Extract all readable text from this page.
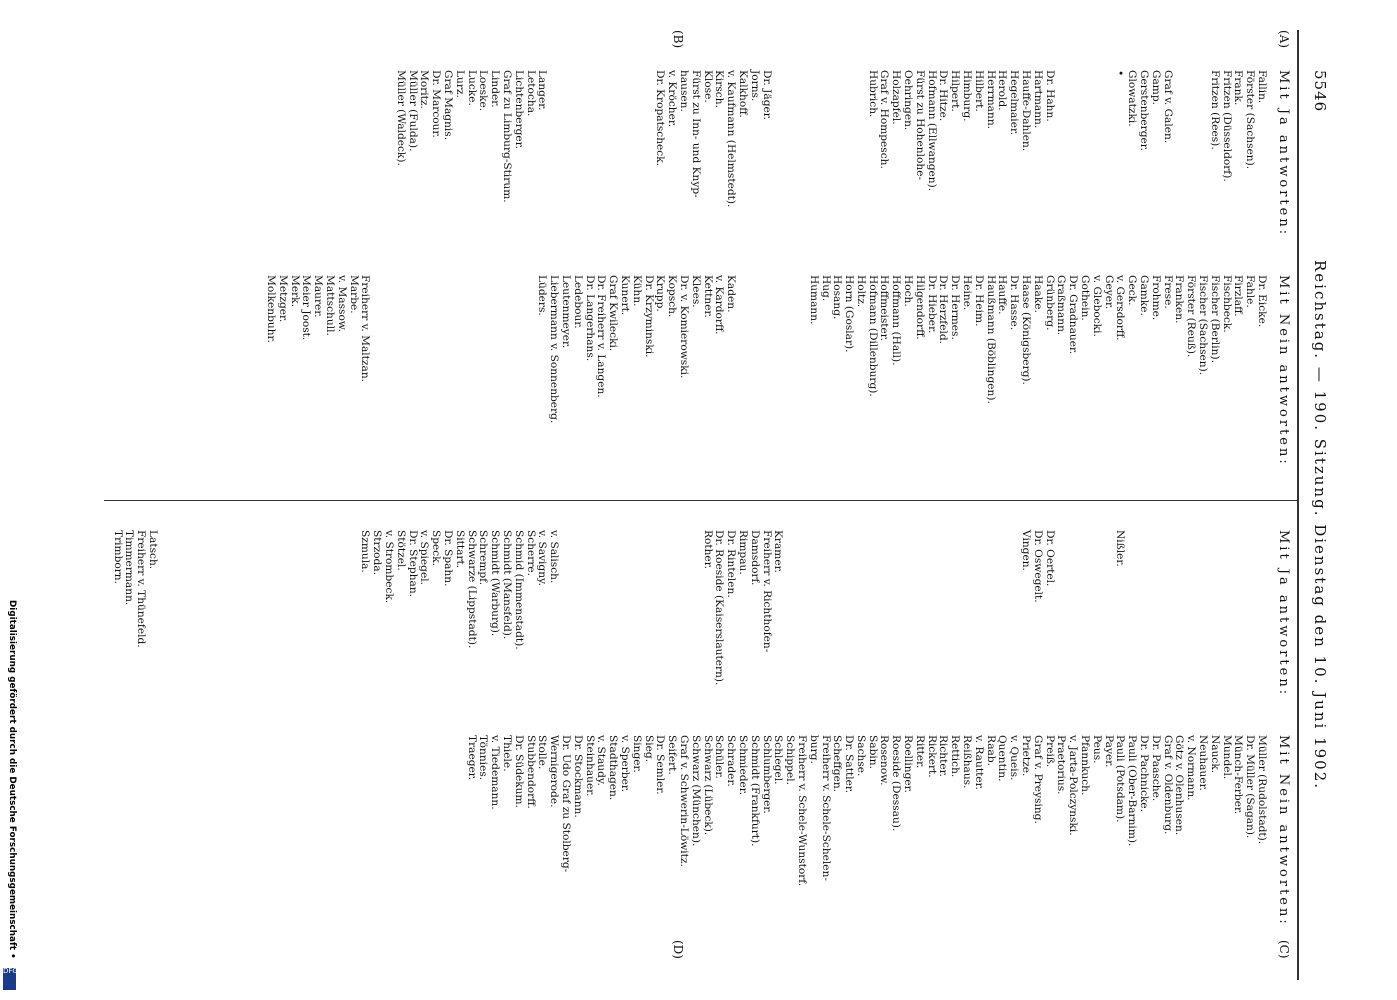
5546
Reichstag. — 190. Sitzung. Dienstag den 10. Juni 1902.
(A)
(B)
Mit Ja antworten:
Mit Nein antworten:
Fallin.
Förster (Sachsen).
Frank.
Fritzen (Düsseldorf).
Fritzen (Rees).
Graf v. Galen.
Gamp.
Gerstenberger.
Glowatzki.
•
Dr. Hahn.
Hartmann.
Hauffe-Dahlen.
Hegelmaier.
Herold.
Herrmann.
Hilbert.
Himburg.
Hilpert.
Dr. Hitze.
Hofmann (Ellwangen).
Fürst zu Hohenlohe-
Oehringen.
Holzapfel.
Graf v. Hompesch.
Hubrich.
Dr. Jäger.
Jorns.
Kalkhoff.
v. Kaufmann (Helmstedt).
Kirsch.
Klose.
Fürst zu Inn- und Knyp-
hausen.
v. Kröcher.
Dr. Kropatscheck.
Langer.
Letocha.
Lichtenberger.
Graf zu Limburg-Stirum.
Linder.
Loeske.
Lucke.
Lurz.
Graf Magnis.
Dr. Marcour.
Moritz.
Müller (Fulda).
Müller (Waldeck).
Dr. Eicke.
Fahle.
Firzlaff.
Fischbeck.
Fischer (Berlin).
Fischer (Sachsen).
Förster (Reuß).
Franken.
Frese.
Frohme.
Gamke.
Geck.
v. Gersdorff.
Geyer.
v. Glebocki.
Gothein.
Dr. Gradnauer.
Graßmann.
Grünberg.
Haake.
Haase (Königsberg).
Dr. Hasse.
Hauffe.
Haußmann (Böblingen).
Dr. Heim.
Heine.
Dr. Hermes.
Dr. Herzfeld.
Dr. Hieber.
Hilgendorff.
Hoch.
Hoffmann (Hall).
Hoffmeister.
Hofmann (Dillenburg).
Holtz.
Horn (Goslar).
Hosang.
Hug.
Humann.
Kaden.
v. Kardorff.
Kettner.
Klees.
Dr. v. Komierowski.
Kopsch.
Krupp.
Dr. Krzyminski.
Kühn.
Kunert.
Graf Kwilecki.
Dr. Freiherr v. Langen.
Dr. Langerhans.
Ledebour.
Leutenmeyer.
Liebermann v. Sonnenberg.
Lüders.
Freiherr v. Maltzan.
Marbe.
v. Massow.
Mattschull.
Maurer.
Meier Joost.
Merk.
Metzger.
Molkenbuhr.
(C)
(D)
Mit Ja antworten:
Mit Nein antworten:
Nißler.
Dr. Oertel.
Dr. Oswegelt.
Vingen.
Kramer.
Freiherr v. Richthofen-
Damsdorf.
Rimpau.
Dr. Rintelen.
Dr. Roeside (Kaiserslautern).
Rother.
v. Salisch.
v. Savigny.
Scherre.
Schmid (Immenstadt).
Schmidt (Mansfeld).
Schmidt (Warburg).
Schrempf.
Schwarze (Lippstadt).
Sittart.
Dr. Spahn.
Speck.
v. Spiegel.
Dr. Stephan.
Stötzel.
v. Strombeck.
Strzoda.
Szmula.
Latsch.
Freiherr v. Thünefeld.
Timmermann.
Trimborn.
Müller (Rudolstadt).
Dr. Müller (Sagan).
Münch-Ferber.
Mundel.
Nauck.
Neuhauer.
v. Normann.
Götz v. Olenhusen.
Graf v. Oldenburg.
Dr. Paasche.
Dr. Pachnicke.
Pauli (Ober-Barnim).
Pauli (Potsdam).
Payer.
Peus.
Pfannkuch.
v. Jarta-Polczynski.
Praetorius.
Preiß.
Graf v. Preysing.
Prietze.
v. Queis.
Quentin.
Raab.
v. Rautter.
Reißhaus.
Rettich.
Richter.
Rickert.
Ritter.
Roellinger.
Roeside (Dessau).
Rosenow.
Sabin.
Sachse.
Dr. Sattler.
Scheffgen.
Freiherr v. Schele-Schelen-
burg.
Freiherr v. Schele-Wunstorf.
Schippel.
Schlegel.
Schlumberger.
Schmidt (Frankfurt).
Schmieder.
Schrader.
Schüler.
Schwarz (Lübeck).
Schwarz (München).
Graf v. Schwerin-Löwitz.
Seifert.
Dr. Semler.
Sieg.
Singer.
v. Sperber.
Stadthagen.
v. Staudy.
Steinhauer.
Dr. Stockmann.
Dr. Udo Graf zu Stolberg-
Wernigerode.
Stolle.
Stubbendorff.
Dr. Südekum.
Thiele.
v. Tiedemann.
Tönnies.
Traeger.
Digitalisierung gefördert durch die Deutsche Forschungsgemeinschaft •
DFG
